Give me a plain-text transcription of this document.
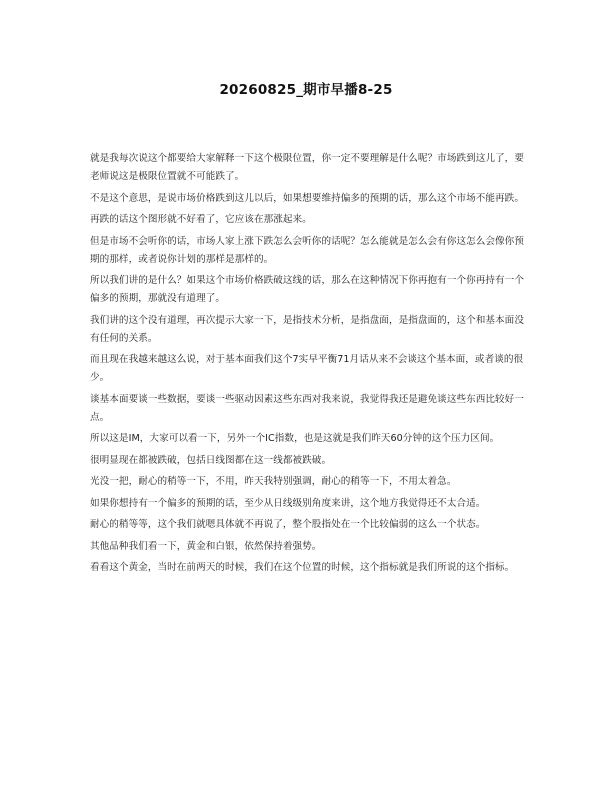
20260825_期市早播8-25

就是我每次说这个都要给大家解释一下这个极限位置，你一定不要理解是什么呢？市场跌到这儿了，要老师说这是极限位置就不可能跌了。

不是这个意思，是说市场价格跌到这儿以后，如果想要维持偏多的预期的话，那么这个市场不能再跌。

再跌的话这个图形就不好看了，它应该在那涨起来。

但是市场不会听你的话，市场人家上涨下跌怎么会听你的话呢？怎么能就是怎么会有你这怎么会像你预期的那样，或者说你计划的那样是那样的。

所以我们讲的是什么？如果这个市场价格跌破这线的话，那么在这种情况下你再抱有一个你再持有一个偏多的预期，那就没有道理了。

我们讲的这个没有道理，再次提示大家一下，是指技术分析，是指盘面，是指盘面的，这个和基本面没有任何的关系。

而且现在我越来越这么说，对于基本面我们这个7实早平衡71月话从来不会谈这个基本面，或者谈的很少。

谈基本面要谈一些数据，要谈一些驱动因素这些东西对我来说，我觉得我还是避免谈这些东西比较好一点。

所以这是IM，大家可以看一下，另外一个IC指数，也是这就是我们昨天60分钟的这个压力区间。

很明显现在都被跌破，包括日线图都在这一线都被跌破。

光没一把，耐心的稍等一下，不用，昨天我特别强调，耐心的稍等一下，不用太着急。

如果你想持有一个偏多的预期的话，至少从日线级别角度来讲，这个地方我觉得还不太合适。

耐心的稍等等，这个我们就嗯具体就不再说了，整个股指处在一个比较偏弱的这么一个状态。

其他品种我们看一下，黄金和白银，依然保持着强势。

看看这个黄金，当时在前两天的时候，我们在这个位置的时候，这个指标就是我们所说的这个指标。
